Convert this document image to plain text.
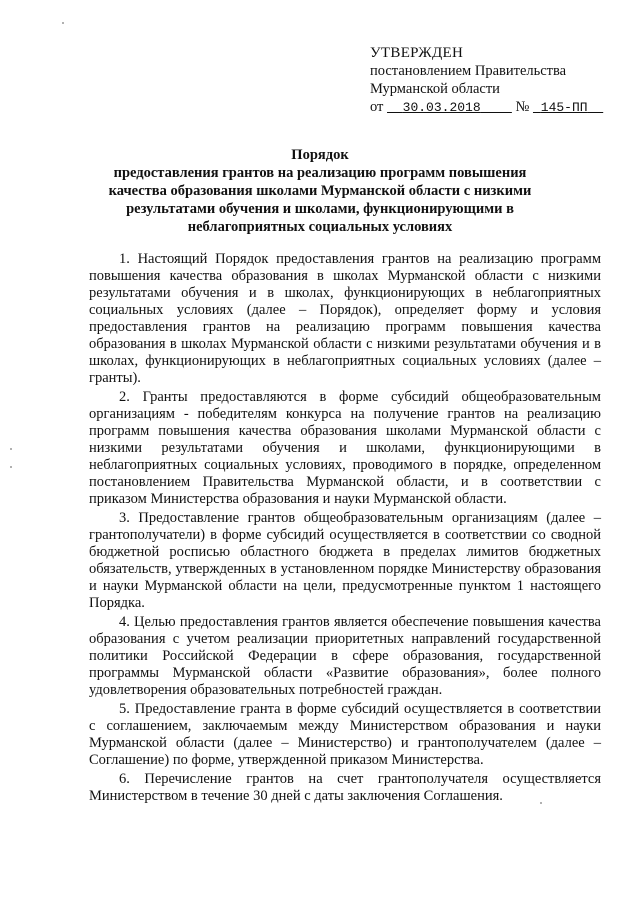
УТВЕРЖДЕН
постановлением Правительства
Мурманской области
от 30.03.2018 № 145-ПП
Порядок
предоставления грантов на реализацию программ повышения качества образования школами Мурманской области с низкими результатами обучения и школами, функционирующими в неблагоприятных социальных условиях

1. Настоящий Порядок предоставления грантов на реализацию программ повышения качества образования в школах Мурманской области с низкими результатами обучения и в школах, функционирующих в неблагоприятных социальных условиях (далее – Порядок), определяет форму и условия предоставления грантов на реализацию программ повышения качества образования в школах Мурманской области с низкими результатами обучения и в школах, функционирующих в неблагоприятных социальных условиях (далее – гранты).

2. Гранты предоставляются в форме субсидий общеобразовательным организациям - победителям конкурса на получение грантов на реализацию программ повышения качества образования школами Мурманской области с низкими результатами обучения и школами, функционирующими в неблагоприятных социальных условиях, проводимого в порядке, определенном постановлением Правительства Мурманской области, и в соответствии с приказом Министерства образования и науки Мурманской области.

3. Предоставление грантов общеобразовательным организациям (далее – грантополучатели) в форме субсидий осуществляется в соответствии со сводной бюджетной росписью областного бюджета в пределах лимитов бюджетных обязательств, утвержденных в установленном порядке Министерству образования и науки Мурманской области на цели, предусмотренные пунктом 1 настоящего Порядка.

4. Целью предоставления грантов является обеспечение повышения качества образования с учетом реализации приоритетных направлений государственной политики Российской Федерации в сфере образования, государственной программы Мурманской области «Развитие образования», более полного удовлетворения образовательных потребностей граждан.

5. Предоставление гранта в форме субсидий осуществляется в соответствии с соглашением, заключаемым между Министерством образования и науки Мурманской области (далее – Министерство) и грантополучателем (далее – Соглашение) по форме, утвержденной приказом Министерства.

6. Перечисление грантов на счет грантополучателя осуществляется Министерством в течение 30 дней с даты заключения Соглашения.
